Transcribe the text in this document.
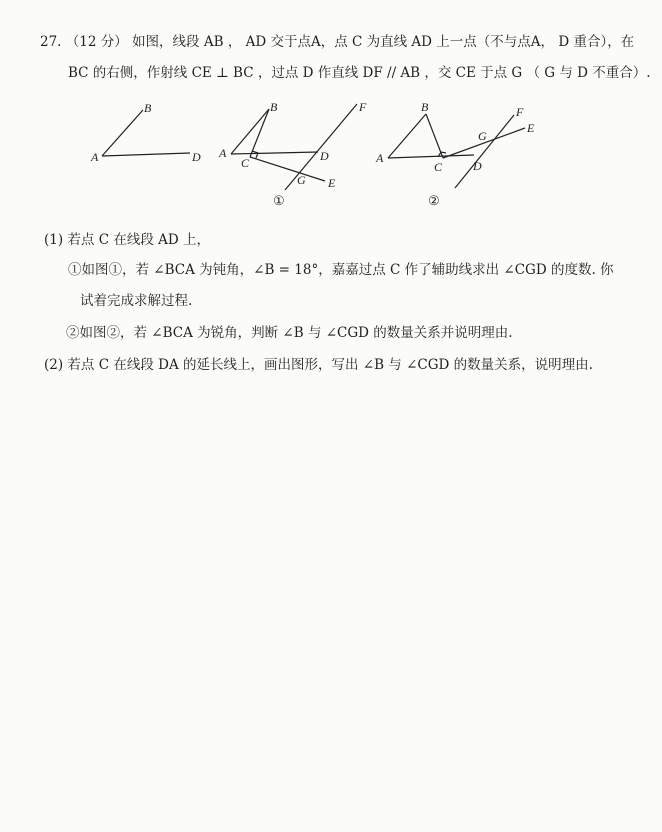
27. （12 分） 如图，线段 AB ， AD 交于点A，点 C 为直线 AD 上一点（不与点A， D 重合），在
BC 的右侧，作射线 CE ⊥ BC ，过点 D 作直线 DF // AB ，交 CE 于点 G （ G 与 D 不重合）.
A
B
D A
B
C	D
E
F
G
①
A
B
C	D
E
F
G
②
(1) 若点 C 在线段 AD 上，
①如图①，若 ∠BCA 为钝角，∠B = 18°，嘉嘉过点 C 作了辅助线求出 ∠CGD 的度数. 你
试着完成求解过程.
②如图②，若 ∠BCA 为锐角，判断 ∠B 与 ∠CGD 的数量关系并说明理由.
(2) 若点 C 在线段 DA 的延长线上，画出图形，写出 ∠B 与 ∠CGD 的数量关系，说明理由.
